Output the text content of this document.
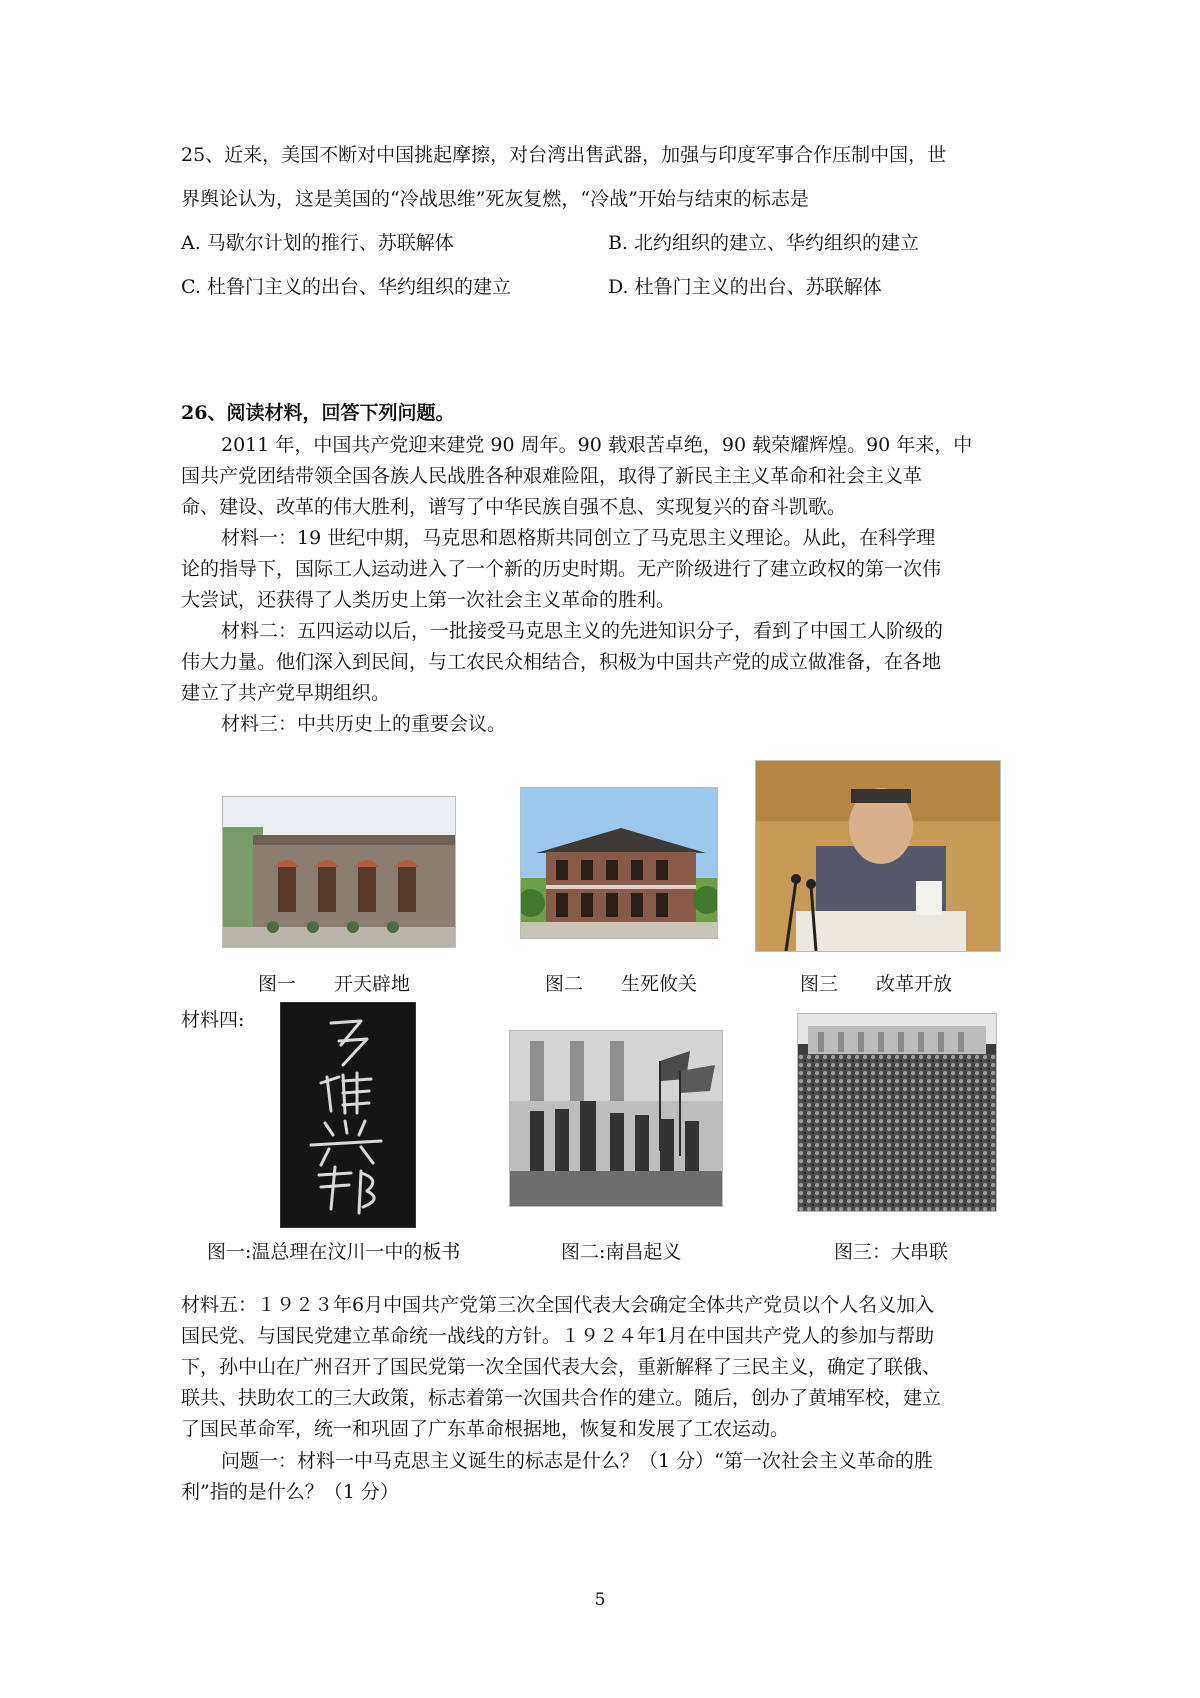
25、近来，美国不断对中国挑起摩擦，对台湾出售武器，加强与印度军事合作压制中国，世
界舆论认为，这是美国的“冷战思维”死灰复燃，“冷战”开始与结束的标志是
A. 马歇尔计划的推行、苏联解体	B. 北约组织的建立、华约组织的建立
C. 杜鲁门主义的出台、华约组织的建立	D. 杜鲁门主义的出台、苏联解体
26、阅读材料，回答下列问题。
2011 年，中国共产党迎来建党 90 周年。90 载艰苦卓绝，90 载荣耀辉煌。90 年来，中
国共产党团结带领全国各族人民战胜各种艰难险阻，取得了新民主主义革命和社会主义革
命、建设、改革的伟大胜利，谱写了中华民族自强不息、实现复兴的奋斗凯歌。
材料一：19 世纪中期，马克思和恩格斯共同创立了马克思主义理论。从此，在科学理
论的指导下，国际工人运动进入了一个新的历史时期。无产阶级进行了建立政权的第一次伟
大尝试，还获得了人类历史上第一次社会主义革命的胜利。
材料二：五四运动以后，一批接受马克思主义的先进知识分子，看到了中国工人阶级的
伟大力量。他们深入到民间，与工农民众相结合，积极为中国共产党的成立做准备，在各地
建立了共产党早期组织。
材料三：中共历史上的重要会议。
图一　　开天辟地	图二　　生死攸关	图三　　改革开放
材料四:
图一:温总理在汶川一中的板书	图二:南昌起义	图三：大串联
材料五：１９２３年6月中国共产党第三次全国代表大会确定全体共产党员以个人名义加入
国民党、与国民党建立革命统一战线的方针。１９２４年1月在中国共产党人的参加与帮助
下，孙中山在广州召开了国民党第一次全国代表大会，重新解释了三民主义，确定了联俄、
联共、扶助农工的三大政策，标志着第一次国共合作的建立。随后，创办了黄埔军校，建立
了国民革命军，统一和巩固了广东革命根据地，恢复和发展了工农运动。
问题一：材料一中马克思主义诞生的标志是什么？（1 分）“第一次社会主义革命的胜
利”指的是什么？（1 分）
5
